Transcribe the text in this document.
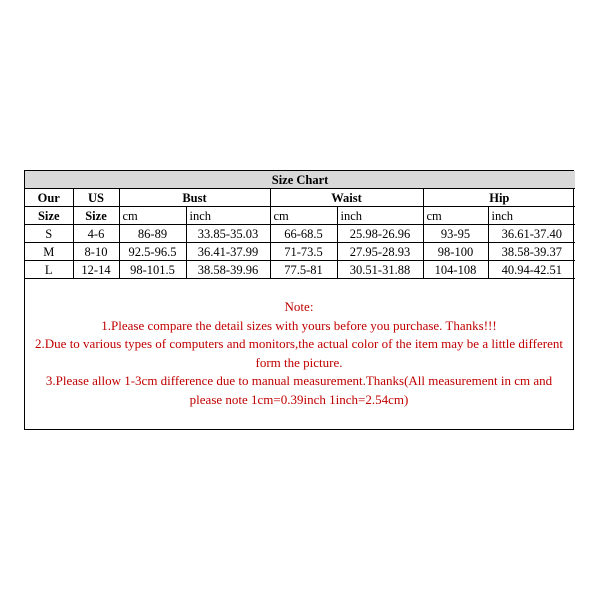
Size Chart							
Our	US	Bust		Waist		Hip	
Size	Size	cm	inch	cm	inch	cm	inch
S	4-6	86-89	33.85-35.03	66-68.5	25.98-26.96	93-95	36.61-37.40
M	8-10	92.5-96.5	36.41-37.99	71-73.5	27.95-28.93	98-100	38.58-39.37
L	12-14	98-101.5	38.58-39.96	77.5-81	30.51-31.88	104-108	40.94-42.51
Note:
1.Please compare the detail sizes with yours before you purchase. Thanks!!!
2.Due to various types of computers and monitors,the actual color of the item may be a little different form the picture.
3.Please allow 1-3cm difference due to manual measurement.Thanks(All measurement in cm and please note 1cm=0.39inch 1inch=2.54cm)
